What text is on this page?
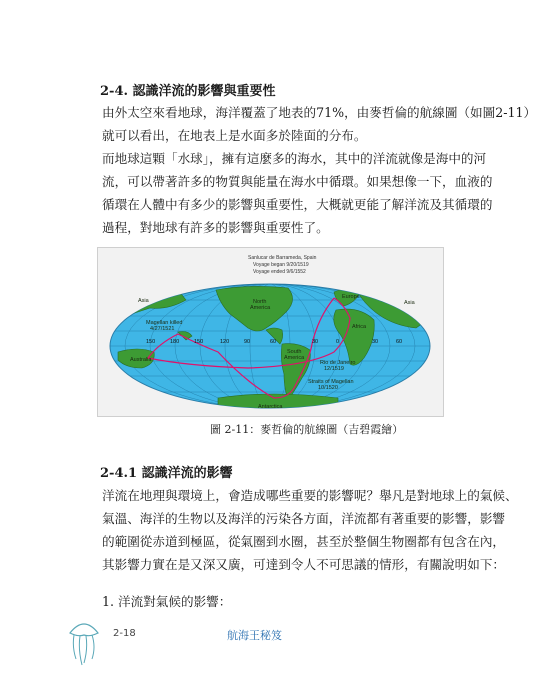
2-4. 認識洋流的影響與重要性
由外太空來看地球，海洋覆蓋了地表的71%，由麥哲倫的航線圖（如圖2-11）
就可以看出，在地表上是水面多於陸面的分布。
而地球這顆「水球」，擁有這麼多的海水，其中的洋流就像是海中的河
流，可以帶著許多的物質與能量在海水中循環。如果想像一下，血液的
循環在人體中有多少的影響與重要性，大概就更能了解洋流及其循環的
過程，對地球有許多的影響與重要性了。
Sanlucar de Barrameda, Spain
Voyage began 9/20/1519
Voyage ended 9/6/1552
Asia	North
America
Europe
Asia
Africa
Magellan killed
4/27/1521
South
America
Australia	Rio de Janeiro
12/1519
Straits of Magellan
10/1520
Antarctica
150	180	150	120	90	60	30	0	30	60
圖 2-11：麥哲倫的航線圖（吉碧霞繪）
2-4.1 認識洋流的影響
洋流在地理與環境上，會造成哪些重要的影響呢？舉凡是對地球上的氣候、
氣溫、海洋的生物以及海洋的污染各方面，洋流都有著重要的影響，影響
的範圍從赤道到極區，從氣圈到水圈，甚至於整個生物圈都有包含在內，
其影響力實在是又深又廣，可達到令人不可思議的情形，有關說明如下：
1. 洋流對氣候的影響：
2-18	航海王秘笈
